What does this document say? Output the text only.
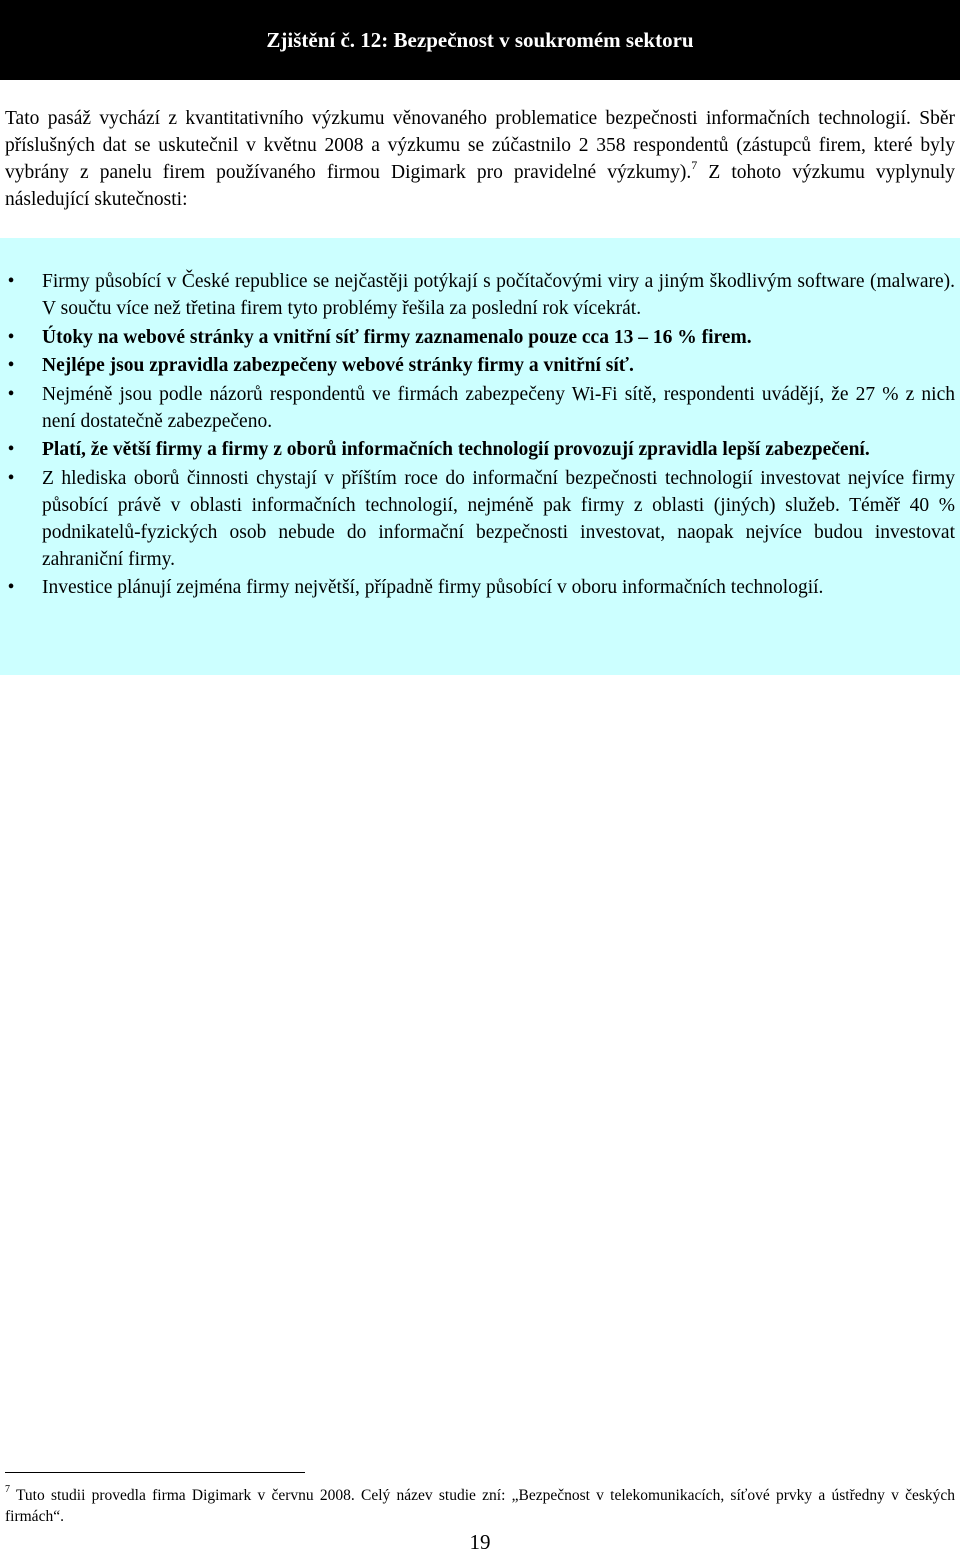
Zjištění č. 12: Bezpečnost v soukromém sektoru

Tato pasáž vychází z kvantitativního výzkumu věnovaného problematice bezpečnosti informačních technologií. Sběr příslušných dat se uskutečnil v květnu 2008 a výzkumu se zúčastnilo 2 358 respondentů (zástupců firem, které byly vybrány z panelu firem používaného firmou Digimark pro pravidelné výzkumy).$^7$ Z tohoto výzkumu vyplynuly následující skutečnosti:

• Firmy působící v České republice se nejčastěji potýkají s počítačovými viry a jiným škodlivým software (malware). V součtu více než třetina firem tyto problémy řešila za poslední rok vícekrát.
• Útoky na webové stránky a vnitřní síť firmy zaznamenalo pouze cca 13 – 16 % firem.
• Nejlépe jsou zpravidla zabezpečeny webové stránky firmy a vnitřní síť.
• Nejméně jsou podle názorů respondentů ve firmách zabezpečeny Wi-Fi sítě, respondenti uvádějí, že 27 % z nich není dostatečně zabezpečeno.
• Platí, že větší firmy a firmy z oborů informačních technologií provozují zpravidla lepší zabezpečení.
• Z hlediska oborů činnosti chystají v příštím roce do informační bezpečnosti technologií investovat nejvíce firmy působící právě v oblasti informačních technologií, nejméně pak firmy z oblasti (jiných) služeb. Téměř 40 % podnikatelů-fyzických osob nebude do informační bezpečnosti investovat, naopak nejvíce budou investovat zahraniční firmy.
• Investice plánují zejména firmy největší, případně firmy působící v oboru informačních technologií.

$^7$ Tuto studii provedla firma Digimark v červnu 2008. Celý název studie zní: „Bezpečnost v telekomunikacích, síťové prvky a ústředny v českých firmách“.

19
